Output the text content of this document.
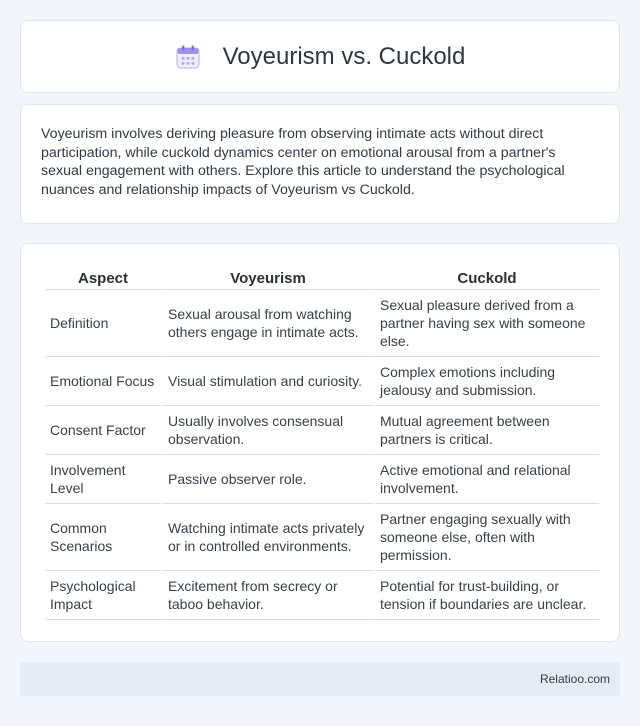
Voyeurism vs. Cuckold

Voyeurism involves deriving pleasure from observing intimate acts without direct participation, while cuckold dynamics center on emotional arousal from a partner's sexual engagement with others. Explore this article to understand the psychological nuances and relationship impacts of Voyeurism vs Cuckold.

Aspect	Voyeurism	Cuckold
Definition	Sexual arousal from watching others engage in intimate acts.	Sexual pleasure derived from a partner having sex with someone else.
Emotional Focus	Visual stimulation and curiosity.	Complex emotions including jealousy and submission.
Consent Factor	Usually involves consensual observation.	Mutual agreement between partners is critical.
Involvement Level	Passive observer role.	Active emotional and relational involvement.
Common Scenarios	Watching intimate acts privately or in controlled environments.	Partner engaging sexually with someone else, often with permission.
Psychological Impact	Excitement from secrecy or taboo behavior.	Potential for trust-building, or tension if boundaries are unclear.
Relatioo.com
